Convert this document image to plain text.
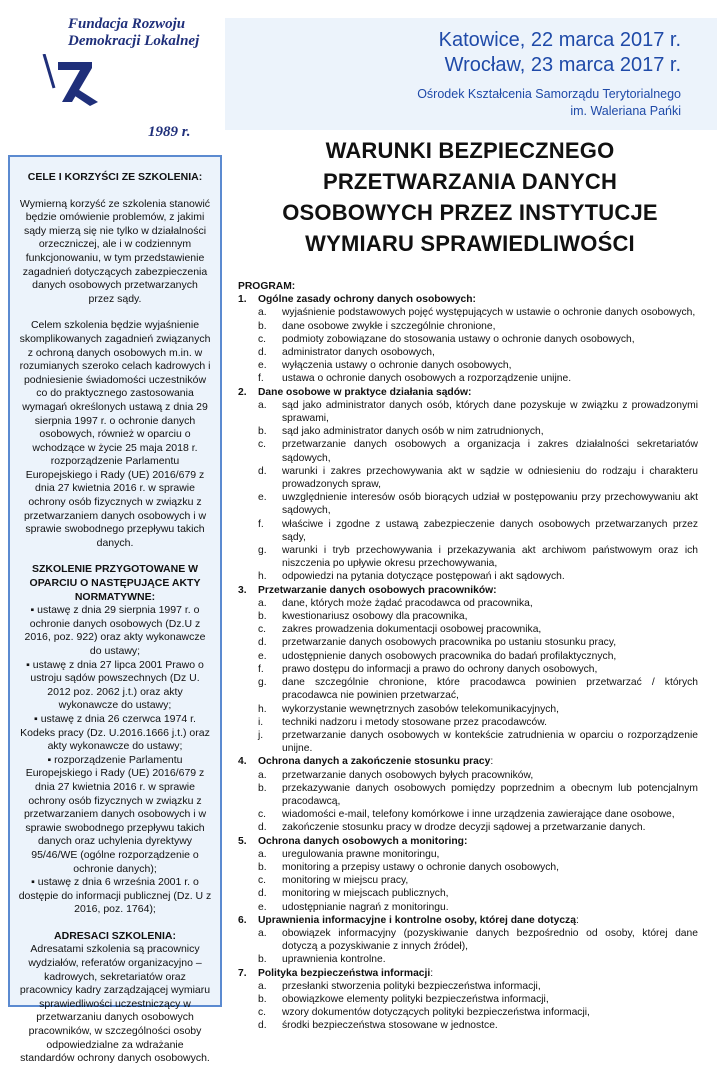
Fundacja Rozwoju
Demokracji Lokalnej
1989 r.
Katowice, 22 marca 2017 r.
Wrocław, 23 marca 2017 r.
Ośrodek Kształcenia Samorządu Terytorialnego
im. Waleriana Pańki
WARUNKI BEZPIECZNEGO
PRZETWARZANIA DANYCH
OSOBOWYCH PRZEZ INSTYTUCJE
WYMIARU SPRAWIEDLIWOŚCI

CELE I KORZYŚCI ZE SZKOLENIA:

Wymierną korzyść ze szkolenia stanowić będzie omówienie problemów, z jakimi sądy mierzą się nie tylko w działalności orzeczniczej, ale i w codziennym funkcjonowaniu, w tym przedstawienie zagadnień dotyczących zabezpieczenia danych osobowych przetwarzanych przez sądy.

Celem szkolenia będzie wyjaśnienie skomplikowanych zagadnień związanych z ochroną danych osobowych m.in. w rozumianych szeroko celach kadrowych i podniesienie świadomości uczestników co do praktycznego zastosowania wymagań określonych ustawą z dnia 29 sierpnia 1997 r. o ochronie danych osobowych, również w oparciu o wchodzące w życie 25 maja 2018 r. rozporządzenie Parlamentu Europejskiego i Rady (UE) 2016/679 z dnia 27 kwietnia 2016 r. w sprawie ochrony osób fizycznych w związku z przetwarzaniem danych osobowych i w sprawie swobodnego przepływu takich danych.

SZKOLENIE PRZYGOTOWANE W OPARCIU O NASTĘPUJĄCE AKTY NORMATYWNE:

▪ ustawę z dnia 29 sierpnia 1997 r. o ochronie danych osobowych (Dz.U z 2016, poz. 922) oraz akty wykonawcze do ustawy;
▪ ustawę z dnia 27 lipca 2001 Prawo o ustroju sądów powszechnych (Dz U. 2012 poz. 2062 j.t.) oraz akty wykonawcze do ustawy;
▪ ustawę z dnia 26 czerwca 1974 r. Kodeks pracy (Dz. U.2016.1666 j.t.) oraz akty wykonawcze do ustawy;
▪ rozporządzenie Parlamentu Europejskiego i Rady (UE) 2016/679 z dnia 27 kwietnia 2016 r. w sprawie ochrony osób fizycznych w związku z przetwarzaniem danych osobowych i w sprawie swobodnego przepływu takich danych oraz uchylenia dyrektywy 95/46/WE (ogólne rozporządzenie o ochronie danych);
▪ ustawę z dnia 6 września 2001 r. o dostępie do informacji publicznej (Dz. U z 2016, poz. 1764);

ADRESACI SZKOLENIA:

Adresatami szkolenia są pracownicy wydziałów, referatów organizacyjno – kadrowych, sekretariatów oraz pracownicy kadry zarządzającej wymiaru sprawiedliwości uczestniczący w przetwarzaniu danych osobowych pracowników, w szczególności osoby odpowiedzialne za wdrażanie standardów ochrony danych osobowych.

PROGRAM:

1.	Ogólne zasady ochrony danych osobowych:
a.	wyjaśnienie podstawowych pojęć występujących w ustawie o ochronie danych osobowych,
b.	dane osobowe zwykłe i szczególnie chronione,
c.	podmioty zobowiązane do stosowania ustawy o ochronie danych osobowych,
d.	administrator danych osobowych,
e.	wyłączenia ustawy o ochronie danych osobowych,
f.	ustawa o ochronie danych osobowych a rozporządzenie unijne.
2.	Dane osobowe w praktyce działania sądów:
a.	sąd jako administrator danych osób, których dane pozyskuje w związku z prowadzonymi sprawami,
b.	sąd jako administrator danych osób w nim zatrudnionych,
c.	przetwarzanie danych osobowych a organizacja i zakres działalności sekretariatów sądowych,
d.	warunki i zakres przechowywania akt w sądzie w odniesieniu do rodzaju i charakteru prowadzonych spraw,
e.	uwzględnienie interesów osób biorących udział w postępowaniu przy przechowywaniu akt sądowych,
f.	właściwe i zgodne z ustawą zabezpieczenie danych osobowych przetwarzanych przez sądy,
g.	warunki i tryb przechowywania i przekazywania akt archiwom państwowym oraz ich niszczenia po upływie okresu przechowywania,
h.	odpowiedzi na pytania dotyczące postępowań i akt sądowych.
3.	Przetwarzanie danych osobowych pracowników:
a.	dane, których może żądać pracodawca od pracownika,
b.	kwestionariusz osobowy dla pracownika,
c.	zakres prowadzenia dokumentacji osobowej pracownika,
d.	przetwarzanie danych osobowych pracownika po ustaniu stosunku pracy,
e.	udostępnienie danych osobowych pracownika do badań profilaktycznych,
f.	prawo dostępu do informacji a prawo do ochrony danych osobowych,
g.	dane szczególnie chronione, które pracodawca powinien przetwarzać / których pracodawca nie powinien przetwarzać,
h.	wykorzystanie wewnętrznych zasobów telekomunikacyjnych,
i.	techniki nadzoru i metody stosowane przez pracodawców.
j.	przetwarzanie danych osobowych w kontekście zatrudnienia w oparciu o rozporządzenie unijne.
4.	Ochrona danych a zakończenie stosunku pracy:
a.	przetwarzanie danych osobowych byłych pracowników,
b.	przekazywanie danych osobowych pomiędzy poprzednim a obecnym lub potencjalnym pracodawcą,
c.	wiadomości e-mail, telefony komórkowe i inne urządzenia zawierające dane osobowe,
d.	zakończenie stosunku pracy w drodze decyzji sądowej a przetwarzanie danych.
5.	Ochrona danych osobowych a monitoring:
a.	uregulowania prawne monitoringu,
b.	monitoring a przepisy ustawy o ochronie danych osobowych,
c.	monitoring w miejscu pracy,
d.	monitoring w miejscach publicznych,
e.	udostępnianie nagrań z monitoringu.
6.	Uprawnienia informacyjne i kontrolne osoby, której dane dotyczą:
a.	obowiązek informacyjny (pozyskiwanie danych bezpośrednio od osoby, której dane dotyczą a pozyskiwanie z innych źródeł),
b.	uprawnienia kontrolne.
7.	Polityka bezpieczeństwa informacji:
a.	przesłanki stworzenia polityki bezpieczeństwa informacji,
b.	obowiązkowe elementy polityki bezpieczeństwa informacji,
c.	wzory dokumentów dotyczących polityki bezpieczeństwa informacji,
d.	środki bezpieczeństwa stosowane w jednostce.
